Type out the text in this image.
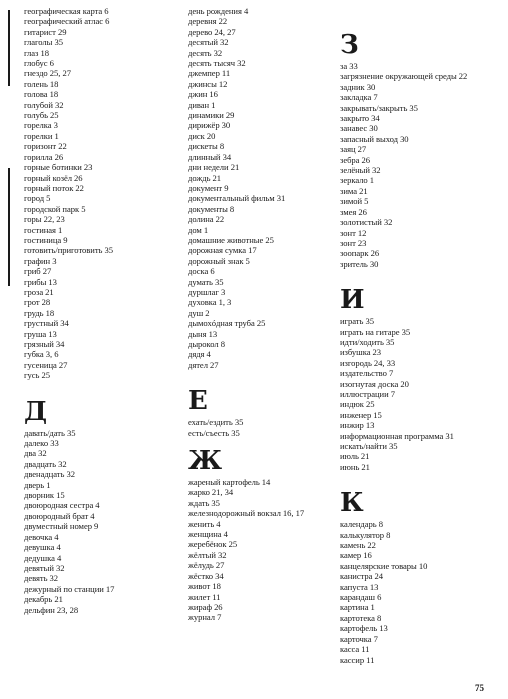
географическая карта 6
географический атлас 6
гитарист 29
глаголы 35
глаз 18
глобус 6
гнездо 25, 27
голень 18
голова 18
голубой 32
голубь 25
горелка 3
горелки 1
горизонт 22
горилла 26
горные ботинки 23
горный козёл 26
горный поток 22
город 5
городской парк 5
горы 22, 23
гостиная 1
гостиница 9
готовить/приготовить 35
графин 3
гриб 27
грибы 13
гроза 21
грот 28
грудь 18
грустный 34
груша 13
грязный 34
губка 3, 6
гусеница 27
гусь 25
Д
давать/дать 35
далеко 33
два 32
двадцать 32
двенадцать 32
дверь 1
дворник 15
двоюродная сестра 4
двоюродный брат 4
двуместный номер 9
девочка 4
девушка 4
дедушка 4
девятый 32
девять 32
дежурный по станции 17
декабрь 21
дельфин 23, 28
день рождения 4
деревня 22
дерево 24, 27
десятый 32
десять 32
десять тысяч 32
джемпер 11
джинсы 12
джин 16
диван 1
динамики 29
дирижёр 30
диск 20
дискеты 8
длинный 34
дни недели 21
дождь 21
документ 9
документальный фильм 31
документы 8
долина 22
дом 1
домашние животные 25
дорожная сумка 17
дорожный знак 5
доска 6
думать 35
дуршлаг 3
духовка 1, 3
душ 2
дымохóдная труба 25
дыня 13
дырокол 8
дядя 4
дятел 27
Е
ехать/ездить 35
есть/съесть 35
Ж
жареный картофель 14
жарко 21, 34
ждать 35
железнодорожный вокзал 16, 17
женить 4
женщина 4
жеребёнок 25
жёлтый 32
жёлудь 27
жёстко 34
живот 18
жилет 11
жираф 26
журнал 7
З
за 33
загрязнение окружающей среды 22
задник 30
закладка 7
закрывать/закрыть 35
закрыто 34
занавес 30
запасный выход 30
заяц 27
зебра 26
зелёный 32
зеркало 1
зима 21
зимой 5
змея 26
золотистый 32
зонт 12
зонт 23
зоопарк 26
зритель 30
И
играть 35
играть на гитаре 35
идти/ходить 35
избушка 23
изгородь 24, 33
издательство 7
изогнутая доска 20
иллюстрации 7
индюк 25
инженер 15
инжир 13
информационная программа 31
искать/найти 35
июль 21
июнь 21
К
календарь 8
калькулятор 8
камень 22
камер 16
канцелярские товары 10
канистра 24
капуста 13
карандаш 6
картина 1
картотека 8
картофель 13
карточка 7
касса 11
кассир 11
75
